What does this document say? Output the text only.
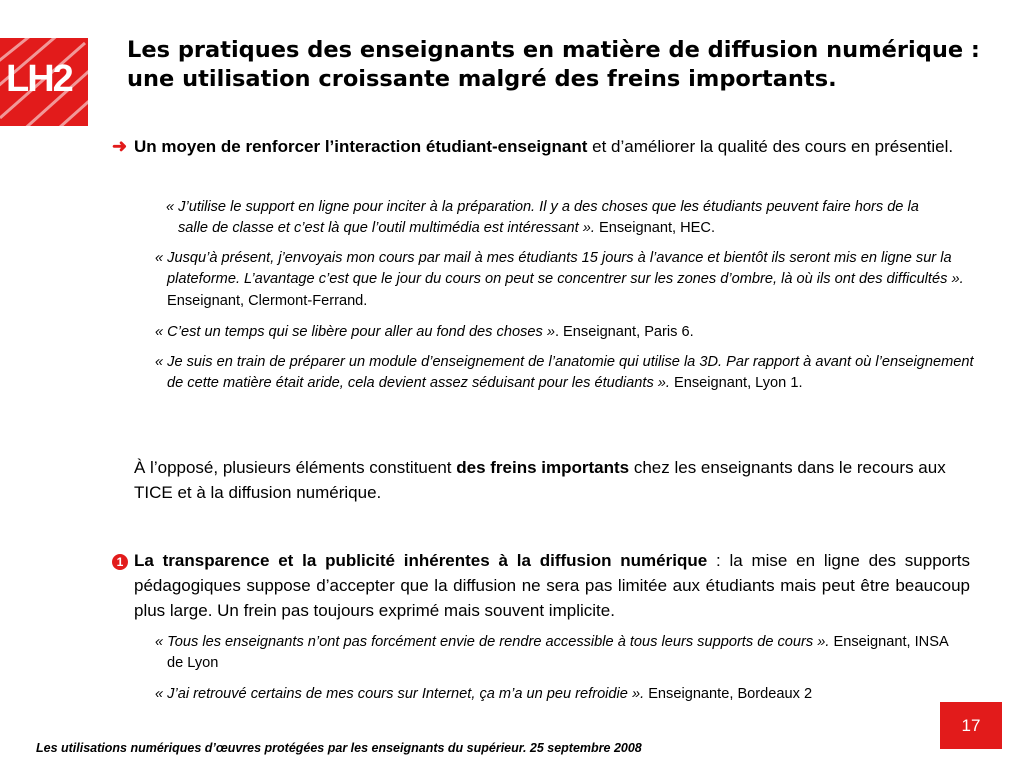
LH2
Les pratiques des enseignants en matière de diffusion numérique : une utilisation croissante malgré des freins importants.
➜ Un moyen de renforcer l’interaction étudiant-enseignant et d’améliorer la qualité des cours en présentiel.
« J’utilise le support en ligne pour inciter à la préparation. Il y a des choses que les étudiants peuvent faire hors de la salle de classe et c’est là que l’outil multimédia est intéressant ». Enseignant, HEC.
« Jusqu’à présent, j’envoyais mon cours par mail à mes étudiants 15 jours à l’avance et bientôt ils seront mis en ligne sur la plateforme. L’avantage c’est que le jour du cours on peut se concentrer sur les zones d’ombre, là où ils ont des difficultés ». Enseignant, Clermont-Ferrand.
« C’est un temps qui se libère pour aller au fond des choses ». Enseignant, Paris 6.
« Je suis en train de préparer un module d’enseignement de l’anatomie qui utilise la 3D. Par rapport à avant où l’enseignement de cette matière était aride, cela devient assez séduisant pour les étudiants ». Enseignant, Lyon 1.
À l’opposé, plusieurs éléments constituent des freins importants chez les enseignants dans le recours aux TICE et à la diffusion numérique.
1 La transparence et la publicité inhérentes à la diffusion numérique : la mise en ligne des supports pédagogiques suppose d’accepter que la diffusion ne sera pas limitée aux étudiants mais peut être beaucoup plus large. Un frein pas toujours exprimé mais souvent implicite.
« Tous les enseignants n’ont pas forcément envie de rendre accessible à tous leurs supports de cours ». Enseignant, INSA de Lyon
« J’ai retrouvé certains de mes cours sur Internet, ça m’a un peu refroidie ». Enseignante, Bordeaux 2
17
Les utilisations numériques d’œuvres protégées par les enseignants du supérieur. 25 septembre 2008
